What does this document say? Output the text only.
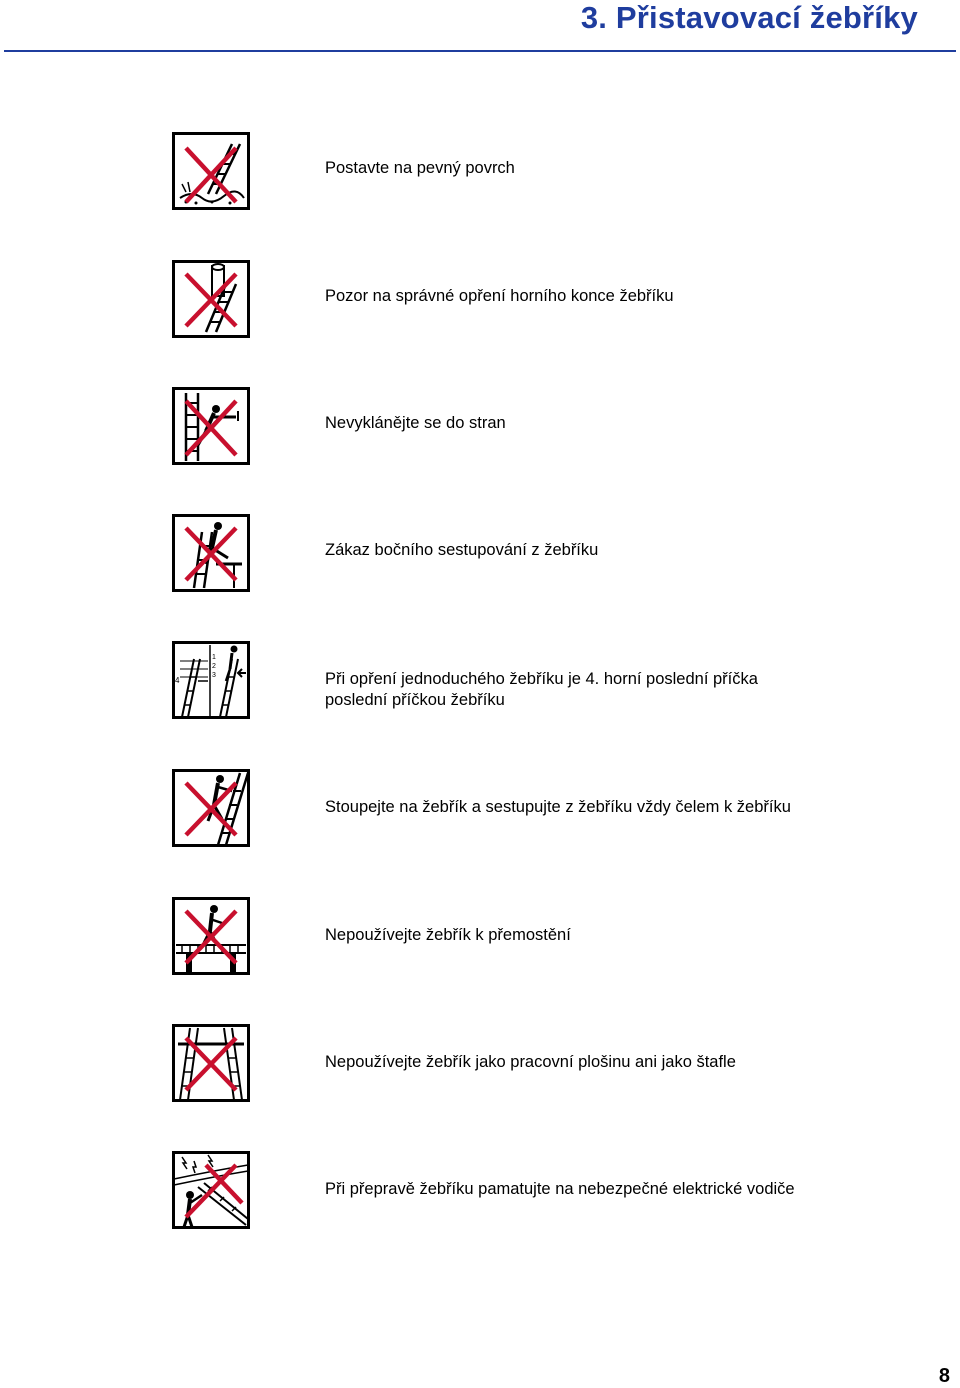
3. Přistavovací žebříky
Postavte na pevný povrch
Pozor na správné opření horního konce žebříku
Nevyklánějte se do stran
Zákaz bočního sestupování z žebříku
4
1
2
3	Při opření jednoduchého žebříku je 4. horní poslední příčka
poslední příčkou žebříku
Stoupejte na žebřík a sestupujte z žebříku vždy čelem k žebříku
Nepoužívejte žebřík k přemostění
Nepoužívejte žebřík jako pracovní plošinu ani jako štafle
Při přepravě žebříku pamatujte na nebezpečné elektrické vodiče
8
